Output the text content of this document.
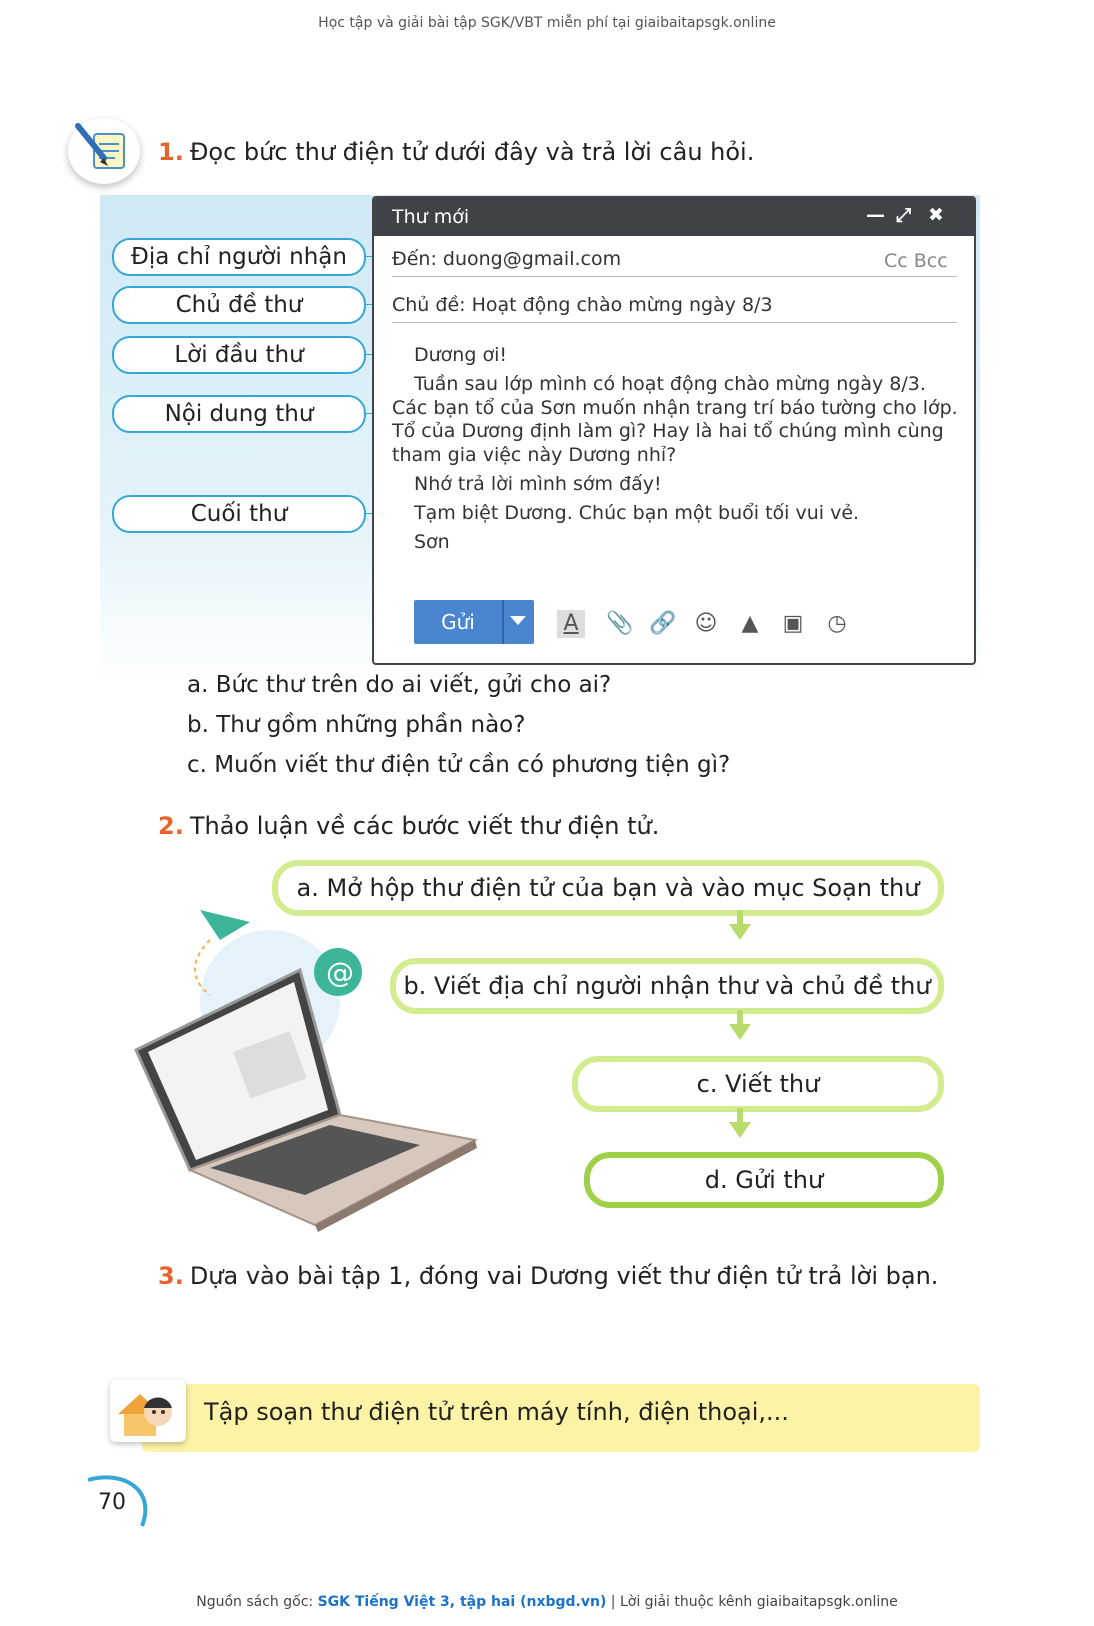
Học tập và giải bài tập SGK/VBT miễn phí tại giaibaitapsgk.online
1. Đọc bức thư điện tử dưới đây và trả lời câu hỏi.
Địa chỉ người nhận
Chủ đề thư
Lời đầu thư
Nội dung thư
Cuối thư
Thư mới	— ⤢ ✖
Đến: duong@gmail.com	Cc Bcc
Chủ đề: Hoạt động chào mừng ngày 8/3
Dương ơi!
Tuần sau lớp mình có hoạt động chào mừng ngày 8/3.
Các bạn tổ của Sơn muốn nhận trang trí báo tường cho lớp.
Tổ của Dương định làm gì? Hay là hai tổ chúng mình cùng
tham gia việc này Dương nhỉ?
Nhớ trả lời mình sớm đấy!
Tạm biệt Dương. Chúc bạn một buổi tối vui vẻ.
Sơn
Gửi	A 📎 🔗 ☺ ▲ ▣ ◷
a. Bức thư trên do ai viết, gửi cho ai?
b. Thư gồm những phần nào?
c. Muốn viết thư điện tử cần có phương tiện gì?
2. Thảo luận về các bước viết thư điện tử.
@
a. Mở hộp thư điện tử của bạn và vào mục Soạn thư
b. Viết địa chỉ người nhận thư và chủ đề thư
c. Viết thư
d. Gửi thư
3. Dựa vào bài tập 1, đóng vai Dương viết thư điện tử trả lời bạn.
Tập soạn thư điện tử trên máy tính, điện thoại,...
70
Nguồn sách gốc: SGK Tiếng Việt 3, tập hai (nxbgd.vn) | Lời giải thuộc kênh giaibaitapsgk.online
